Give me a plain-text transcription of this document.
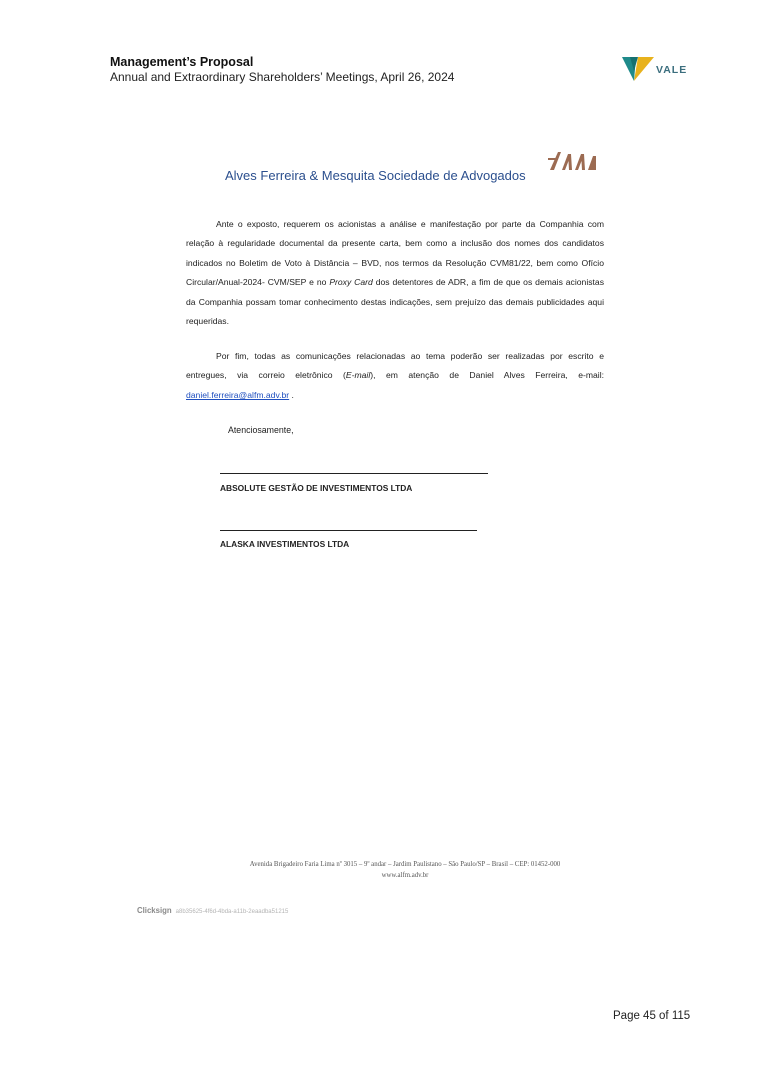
Management’s Proposal
Annual and Extraordinary Shareholders’ Meetings, April 26, 2024	VALE
Alves Ferreira & Mesquita Sociedade de Advogados
Ante o exposto, requerem os acionistas a análise e manifestação por parte da Companhia com relação à regularidade documental da presente carta, bem como a inclusão dos nomes dos candidatos indicados no Boletim de Voto à Distância – BVD, nos termos da Resolução CVM81/22, bem como Ofício Circular/Anual-2024- CVM/SEP e no Proxy Card dos detentores de ADR, a fim de que os demais acionistas da Companhia possam tomar conhecimento destas indicações, sem prejuízo das demais publicidades aqui requeridas.
Por fim, todas as comunicações relacionadas ao tema poderão ser realizadas por escrito e entregues, via correio eletrônico (E-mail), em atenção de Daniel Alves Ferreira, e-mail: daniel.ferreira@alfm.adv.br .
Atenciosamente,
ABSOLUTE GESTÃO DE INVESTIMENTOS LTDA
ALASKA INVESTIMENTOS LTDA
Avenida Brigadeiro Faria Lima nº 3015 – 9º andar – Jardim Paulistano – São Paulo/SP – Brasil – CEP: 01452-000
www.alfm.adv.br
Clicksign a8b35625-4f6d-4bda-a11b-2eaadba51215
Page 45 of 115
